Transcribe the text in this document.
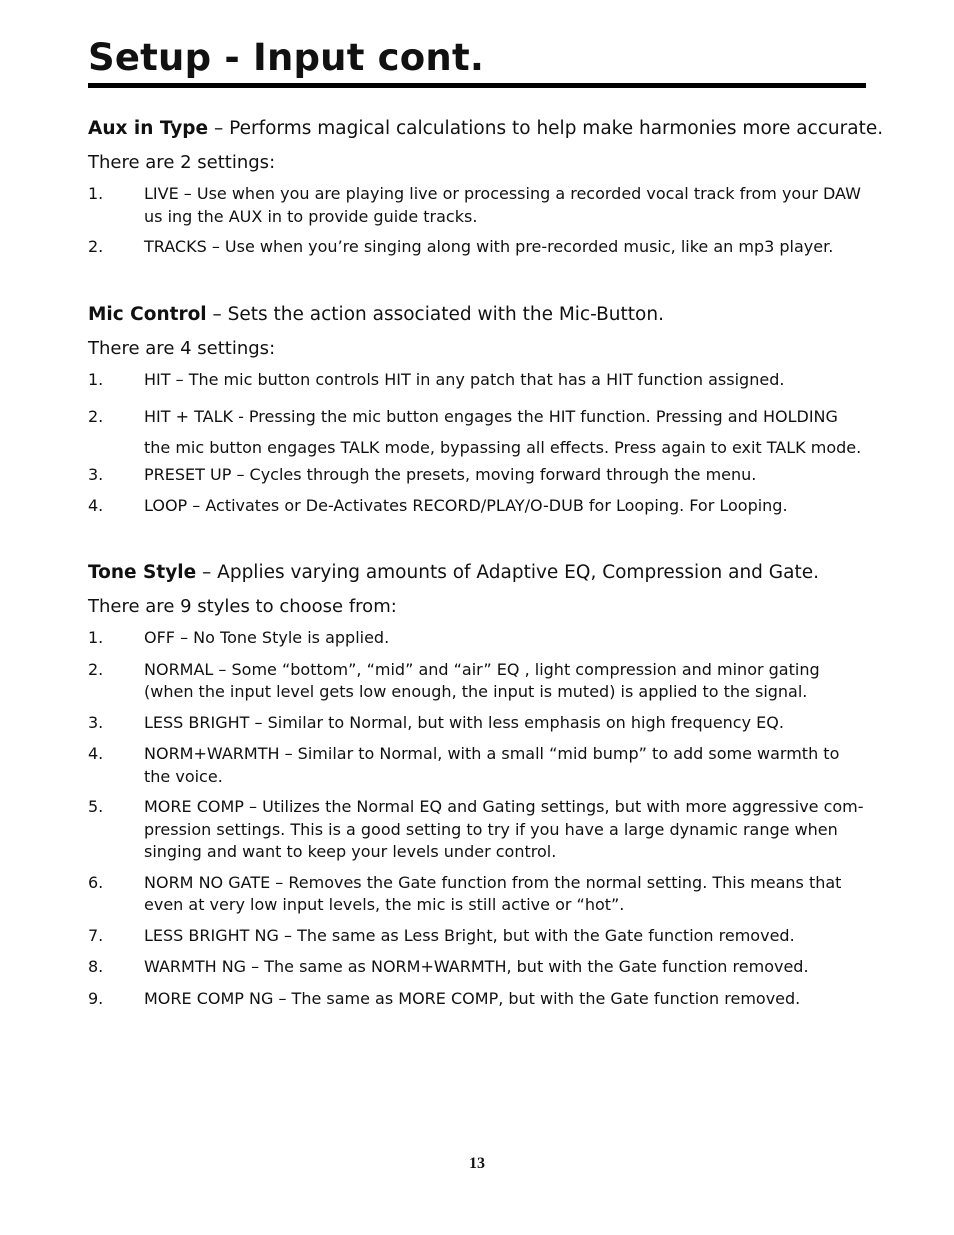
Setup - Input cont.

Aux in Type – Performs magical calculations to help make harmonies more accurate.

There are 2 settings:

1.	LIVE – Use when you are playing live or processing a recorded vocal track from your DAW us ing the AUX in to provide guide tracks.
2.	TRACKS – Use when you’re singing along with pre-recorded music, like an mp3 player.

Mic Control – Sets the action associated with the Mic-Button.

There are 4 settings:

1.	HIT – The mic button controls HIT in any patch that has a HIT function assigned.
2.	HIT + TALK - Pressing the mic button engages the HIT function. Pressing and HOLDING the mic button engages TALK mode, bypassing all effects. Press again to exit TALK mode.
3.	PRESET UP – Cycles through the presets, moving forward through the menu.
4.	LOOP – Activates or De-Activates RECORD/PLAY/O-DUB for Looping. For Looping.

Tone Style – Applies varying amounts of Adaptive EQ, Compression and Gate.

There are 9 styles to choose from:

1.	OFF – No Tone Style is applied.
2.	NORMAL – Some “bottom”, “mid” and “air” EQ , light compression and minor gating (when the input level gets low enough, the input is muted) is applied to the signal.
3.	LESS BRIGHT – Similar to Normal, but with less emphasis on high frequency EQ.
4.	NORM+WARMTH – Similar to Normal, with a small “mid bump” to add some warmth to the voice.
5.	MORE COMP – Utilizes the Normal EQ and Gating settings, but with more aggressive com- pression settings. This is a good setting to try if you have a large dynamic range when singing and want to keep your levels under control.
6.	NORM NO GATE – Removes the Gate function from the normal setting. This means that even at very low input levels, the mic is still active or “hot”.
7.	LESS BRIGHT NG – The same as Less Bright, but with the Gate function removed.
8.	WARMTH NG – The same as NORM+WARMTH, but with the Gate function removed.
9.	MORE COMP NG – The same as MORE COMP, but with the Gate function removed.
13
